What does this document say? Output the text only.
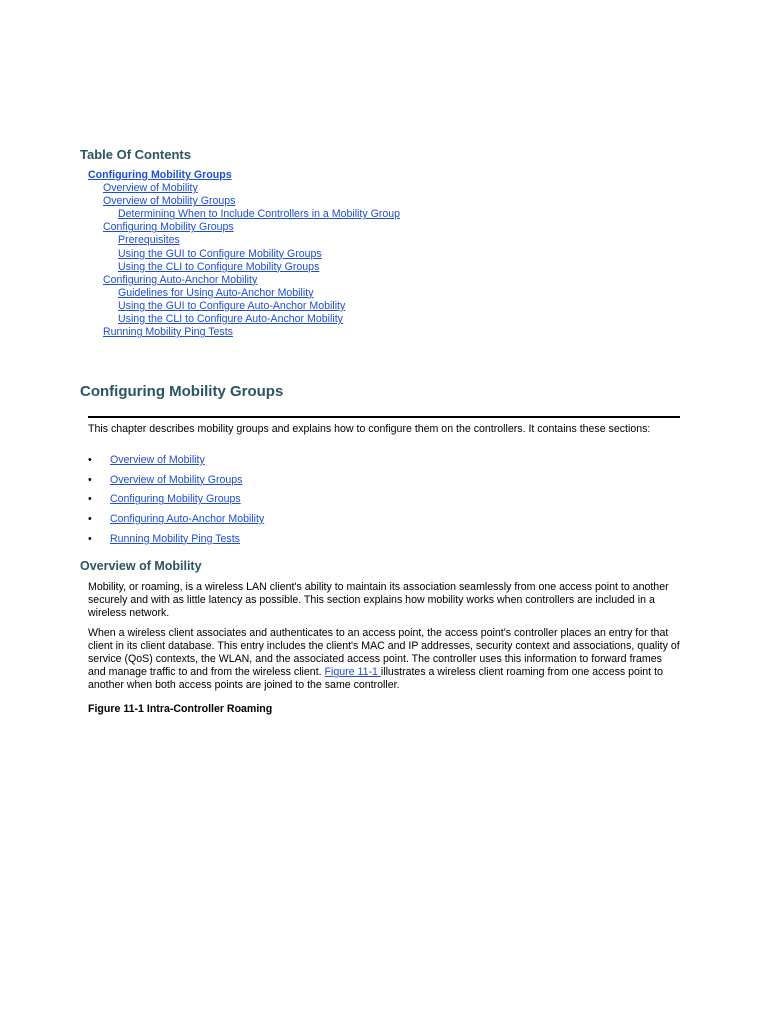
Table Of Contents
Configuring Mobility Groups
Overview of Mobility
Overview of Mobility Groups
Determining When to Include Controllers in a Mobility Group
Configuring Mobility Groups
Prerequisites
Using the GUI to Configure Mobility Groups
Using the CLI to Configure Mobility Groups
Configuring Auto-Anchor Mobility
Guidelines for Using Auto-Anchor Mobility
Using the GUI to Configure Auto-Anchor Mobility
Using the CLI to Configure Auto-Anchor Mobility
Running Mobility Ping Tests
Configuring Mobility Groups

This chapter describes mobility groups and explains how to configure them on the controllers. It contains these sections:

• Overview of Mobility
• Overview of Mobility Groups
• Configuring Mobility Groups
• Configuring Auto-Anchor Mobility
• Running Mobility Ping Tests
Overview of Mobility

Mobility, or roaming, is a wireless LAN client's ability to maintain its association seamlessly from one access point to another securely and with as little latency as possible. This section explains how mobility works when controllers are included in a wireless network.

When a wireless client associates and authenticates to an access point, the access point's controller places an entry for that client in its client database. This entry includes the client's MAC and IP addresses, security context and associations, quality of service (QoS) contexts, the WLAN, and the associated access point. The controller uses this information to forward frames and manage traffic to and from the wireless client. Figure 11-1 illustrates a wireless client roaming from one access point to another when both access points are joined to the same controller.

Figure 11-1 Intra-Controller Roaming
